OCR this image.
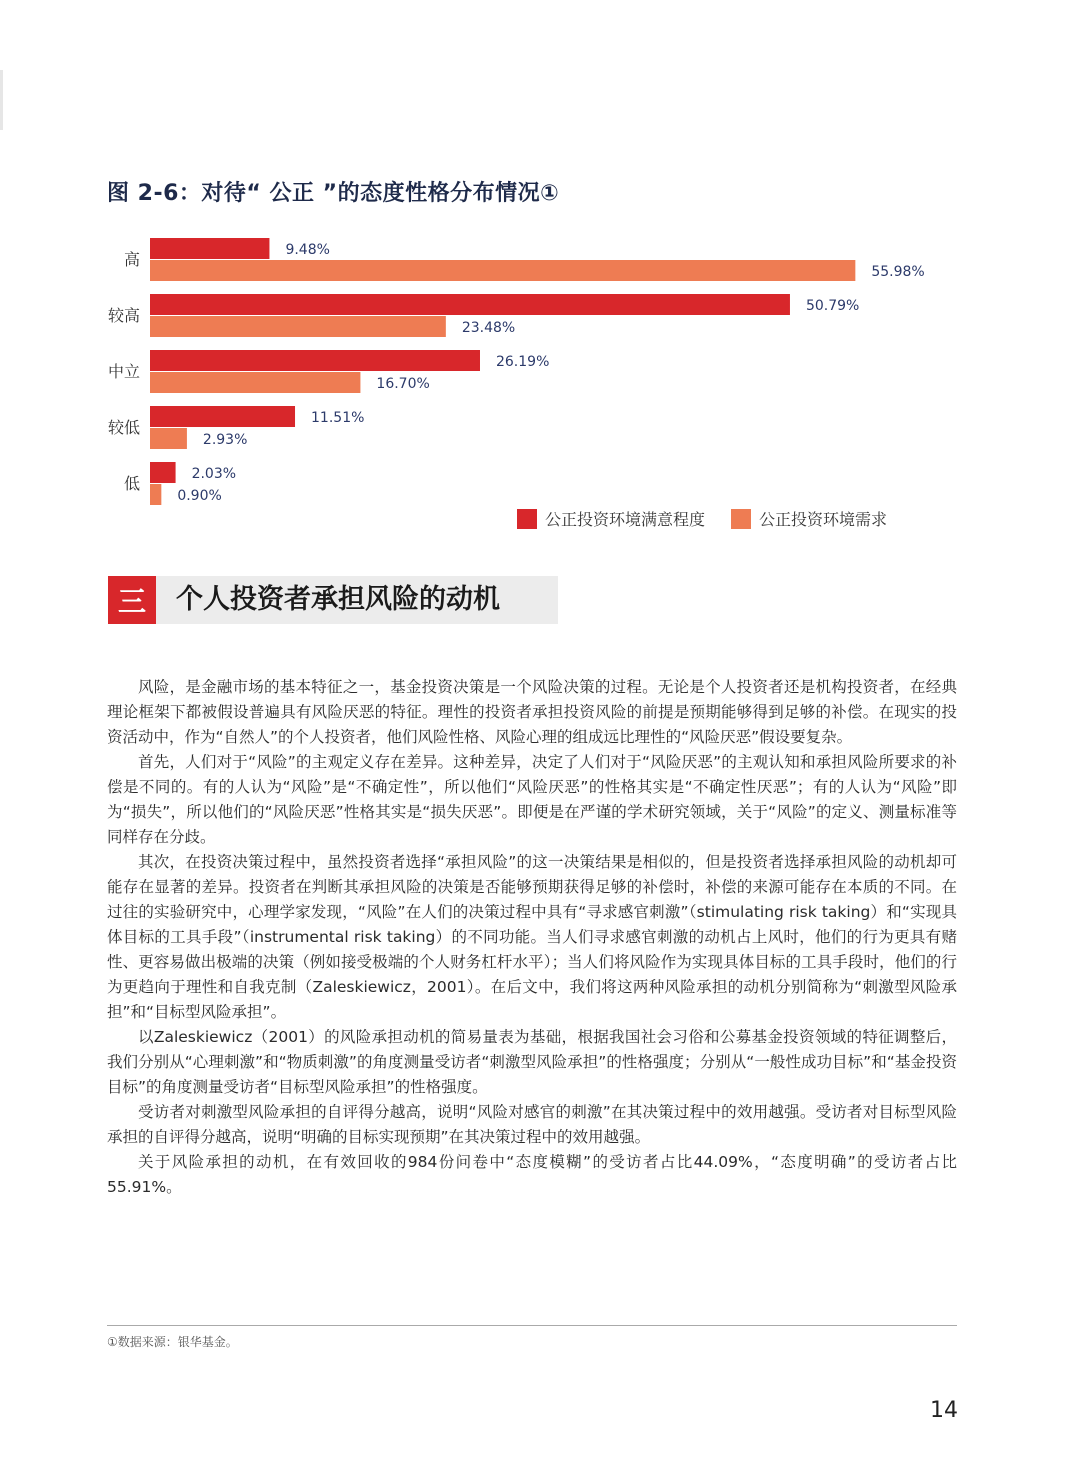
图 2-6：对待“ 公正 ”的态度性格分布情况①
高	9.48%
55.98%
较高	50.79%
23.48%
中立	26.19%
16.70%
较低	11.51%
2.93%
低	2.03%
0.90%
公正投资环境满意程度	公正投资环境需求
三	个人投资者承担风险的动机

风险，是金融市场的基本特征之一，基金投资决策是一个风险决策的过程。无论是个人投资者还是机构投资者，在经典理论框架下都被假设普遍具有风险厌恶的特征。理性的投资者承担投资风险的前提是预期能够得到足够的补偿。在现实的投资活动中，作为“自然人”的个人投资者，他们风险性格、风险心理的组成远比理性的“风险厌恶”假设要复杂。

首先，人们对于“风险”的主观定义存在差异。这种差异，决定了人们对于“风险厌恶”的主观认知和承担风险所要求的补偿是不同的。有的人认为“风险”是“不确定性”，所以他们“风险厌恶”的性格其实是“不确定性厌恶”；有的人认为“风险”即为“损失”，所以他们的“风险厌恶”性格其实是“损失厌恶”。即便是在严谨的学术研究领域，关于“风险”的定义、测量标准等同样存在分歧。

其次，在投资决策过程中，虽然投资者选择“承担风险”的这一决策结果是相似的，但是投资者选择承担风险的动机却可能存在显著的差异。投资者在判断其承担风险的决策是否能够预期获得足够的补偿时，补偿的来源可能存在本质的不同。在过往的实验研究中，心理学家发现，“风险”在人们的决策过程中具有“寻求感官刺激”（stimulating risk taking）和“实现具体目标的工具手段”（instrumental risk taking）的不同功能。当人们寻求感官刺激的动机占上风时，他们的行为更具有赌性、更容易做出极端的决策（例如接受极端的个人财务杠杆水平）；当人们将风险作为实现具体目标的工具手段时，他们的行为更趋向于理性和自我克制（Zaleskiewicz，2001）。在后文中，我们将这两种风险承担的动机分别简称为“刺激型风险承担”和“目标型风险承担”。

以Zaleskiewicz（2001）的风险承担动机的简易量表为基础，根据我国社会习俗和公募基金投资领域的特征调整后，我们分别从“心理刺激”和“物质刺激”的角度测量受访者“刺激型风险承担”的性格强度；分别从“一般性成功目标”和“基金投资目标”的角度测量受访者“目标型风险承担”的性格强度。

受访者对刺激型风险承担的自评得分越高，说明“风险对感官的刺激”在其决策过程中的效用越强。受访者对目标型风险承担的自评得分越高，说明“明确的目标实现预期”在其决策过程中的效用越强。

关于风险承担的动机，在有效回收的984份问卷中“态度模糊”的受访者占比44.09%，“态度明确”的受访者占比55.91%。

①数据来源：银华基金。
14
